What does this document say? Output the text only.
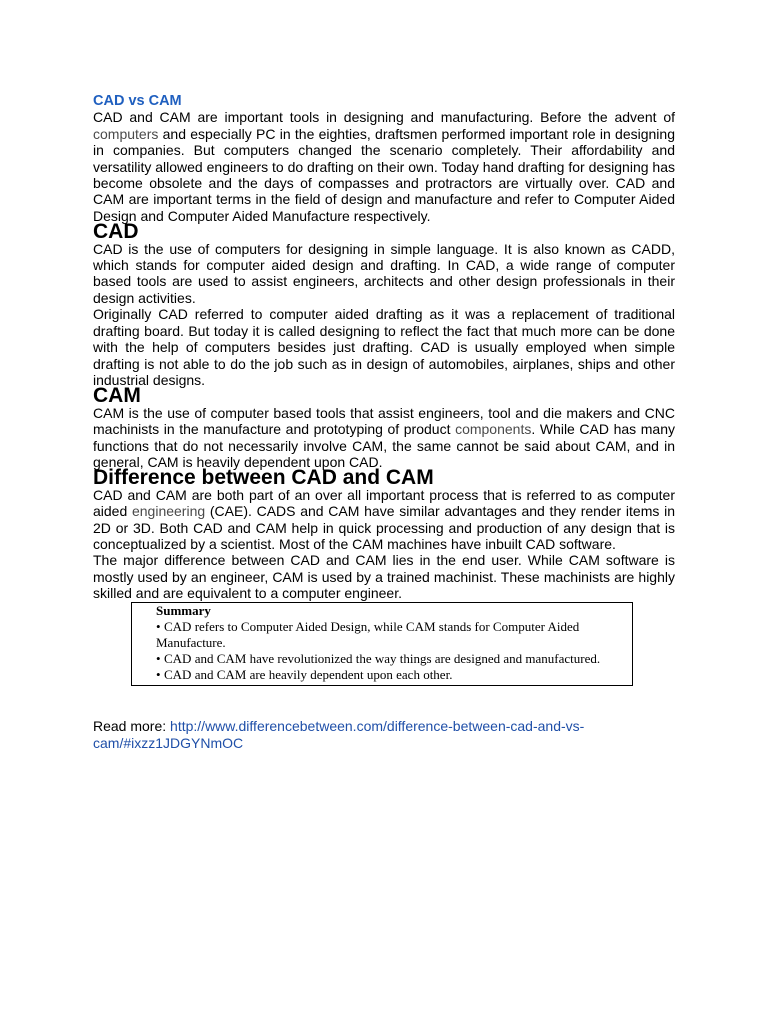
CAD vs CAM

CAD and CAM are important tools in designing and manufacturing. Before the advent of computers and especially PC in the eighties, draftsmen performed important role in designing in companies. But computers changed the scenario completely. Their affordability and versatility allowed engineers to do drafting on their own. Today hand drafting for designing has become obsolete and the days of compasses and protractors are virtually over. CAD and CAM are important terms in the field of design and manufacture and refer to Computer Aided Design and Computer Aided Manufacture respectively.

CAD

CAD is the use of computers for designing in simple language. It is also known as CADD, which stands for computer aided design and drafting. In CAD, a wide range of computer based tools are used to assist engineers, architects and other design professionals in their design activities.

Originally CAD referred to computer aided drafting as it was a replacement of traditional drafting board. But today it is called designing to reflect the fact that much more can be done with the help of computers besides just drafting. CAD is usually employed when simple drafting is not able to do the job such as in design of automobiles, airplanes, ships and other industrial designs.

CAM

CAM is the use of computer based tools that assist engineers, tool and die makers and CNC machinists in the manufacture and prototyping of product components. While CAD has many functions that do not necessarily involve CAM, the same cannot be said about CAM, and in general, CAM is heavily dependent upon CAD.

Difference between CAD and CAM

CAD and CAM are both part of an over all important process that is referred to as computer aided engineering (CAE). CADS and CAM have similar advantages and they render items in 2D or 3D. Both CAD and CAM help in quick processing and production of any design that is conceptualized by a scientist. Most of the CAM machines have inbuilt CAD software.

The major difference between CAD and CAM lies in the end user. While CAM software is mostly used by an engineer, CAM is used by a trained machinist. These machinists are highly skilled and are equivalent to a computer engineer.

Summary

• CAD refers to Computer Aided Design, while CAM stands for Computer Aided Manufacture.

• CAD and CAM have revolutionized the way things are designed and manufactured.

• CAD and CAM are heavily dependent upon each other.

Read more: http://www.differencebetween.com/difference-between-cad-and-vs-cam/#ixzz1JDGYNmOC
